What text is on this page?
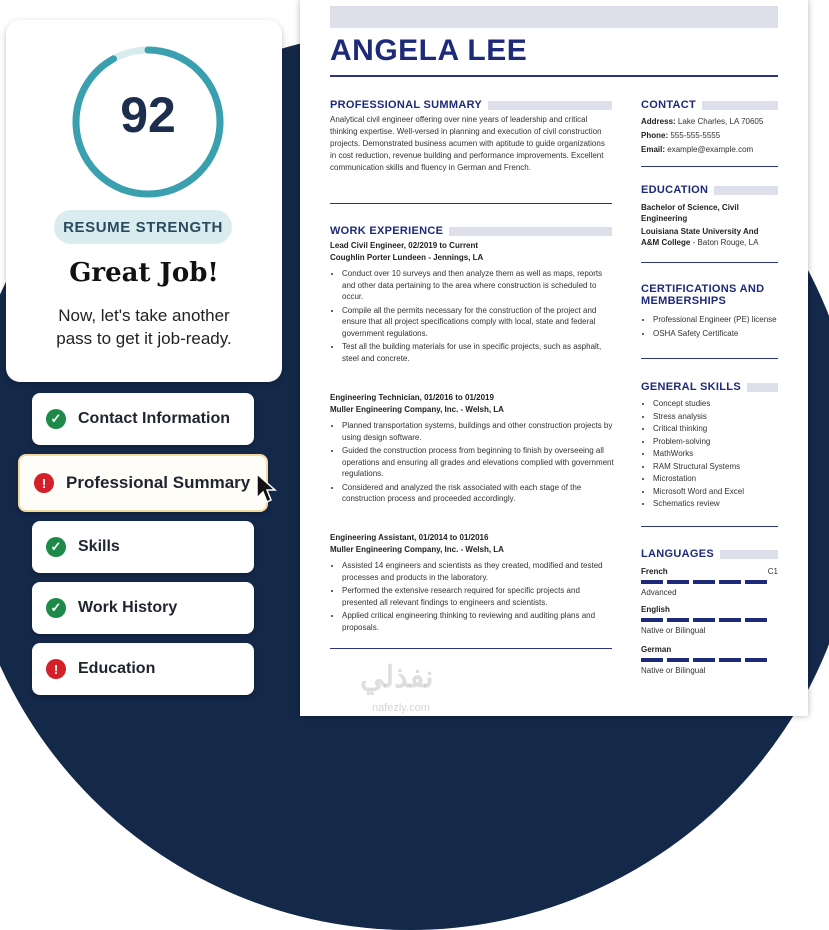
92
RESUME STRENGTH
Great Job!
Now, let's take another
pass to get it job-ready.
✓ Contact Information
!	Professional Summary
✓ Skills
✓ Work History
!	Education
ANGELA LEE
PROFESSIONAL SUMMARY
Analytical civil engineer offering over nine years of leadership and critical thinking expertise. Well-versed in planning and execution of civil construction projects. Demonstrated business acumen with aptitude to guide organizations in cost reduction, revenue building and performance improvements. Excellent communication skills and fluency in German and French.
WORK EXPERIENCE
Lead Civil Engineer, 02/2019 to Current
Coughlin Porter Lundeen - Jennings, LA
• Conduct over 10 surveys and then analyze them as well as maps, reports and other data pertaining to the area where construction is scheduled to occur.
• Compile all the permits necessary for the construction of the project and ensure that all project specifications comply with local, state and federal government regulations.
• Test all the building materials for use in specific projects, such as asphalt, steel and concrete.
Engineering Technician, 01/2016 to 01/2019
Muller Engineering Company, Inc. - Welsh, LA
• Planned transportation systems, buildings and other construction projects by using design software.
• Guided the construction process from beginning to finish by overseeing all operations and ensuring all grades and elevations complied with government regulations.
• Considered and analyzed the risk associated with each stage of the construction process and proceeded accordingly.
Engineering Assistant, 01/2014 to 01/2016
Muller Engineering Company, Inc. - Welsh, LA
• Assisted 14 engineers and scientists as they created, modified and tested processes and products in the laboratory.
• Performed the extensive research required for specific projects and presented all relevant findings to engineers and scientists.
• Applied critical engineering thinking to reviewing and auditing plans and proposals.
CONTACT
Address: Lake Charles, LA 70605
Phone: 555-555-5555
Email: example@example.com
EDUCATION
Bachelor of Science, Civil
Engineering
Louisiana State University And
A&M College - Baton Rouge, LA
CERTIFICATIONS AND
MEMBERSHIPS
• Professional Engineer (PE) license
• OSHA Safety Certificate
GENERAL SKILLS
• Concept studies
• Stress analysis
• Critical thinking
• Problem-solving
• MathWorks
• RAM Structural Systems
• Microstation
• Microsoft Word and Excel
• Schematics review
LANGUAGES
French	C1
Advanced
English
Native or Bilingual
German
Native or Bilingual
نفذلي
nafezly.com
